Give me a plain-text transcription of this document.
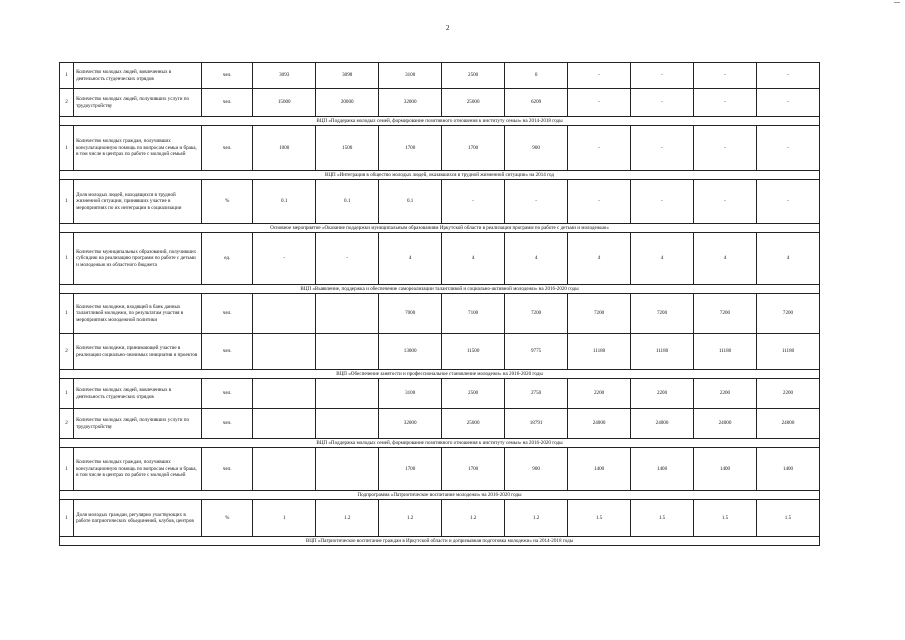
2
1	Количество молодых людей, вовлеченных в деятельность студенческих отрядов	чел.	3093	3098	3100	2500	0	-	-	-	-
2	Количество молодых людей, получивших услуги по трудоустройству	чел.	15000	20000	32000	25000	6209	-	-	-	-
ВЦП «Поддержка молодых семей, формирование позитивного отношения к институту семьи» на 2014-2018 годы											
1	Количество молодых граждан, получивших консультационную помощь по вопросам семьи и брака, в том числе в центрах по работе с молодой семьей	чел.	1000	1500	1700	1700	900	-	-	-	-
ВЦП «Интеграция в общество молодых людей, оказавшихся в трудной жизненной ситуации» на 2014 год											
1	Доля молодых людей, находящихся в трудной жизненной ситуации, принявших участие в мероприятиях по их интеграции в социализации	%	0.1	0.1	0.1	-	-	-	-	-	-
Основное мероприятие «Оказание поддержки муниципальным образованиям Иркутской области в реализации программ по работе с детьми и молодежью»											
1	Количество муниципальных образований, получивших субсидию на реализацию программ по работе с детьми и молодежью из областного бюджета	ед.	-	-	4	4	4	4	4	4	4
ВЦП «Выявление, поддержка и обеспечение самореализации талантливой и социально-активной молодежи» на 2016-2020 годы											
1	Количество молодежи, входящей в банк данных талантливой молодежи, по результатам участия в мероприятиях молодежной политики	чел.			7000	7100	7200	7200	7200	7200	7200
2	Количество молодежи, принимающей участие в реализации социально-значимых инициатив и проектов	чел.			13000	11500	9775	11180	11180	11180	11180
ВЦП «Обеспечение занятости и профессиональное становление молодежи» на 2016-2020 годы											
1	Количество молодых людей, вовлеченных в деятельность студенческих отрядов	чел.			3100	2500	2750	2200	2200	2200	2200
2	Количество молодых людей, получивших услуги по трудоустройству	чел.			32000	25000	18791	24000	24000	24000	24000
ВЦП «Поддержка молодых семей, формирование позитивного отношения к институту семьи» на 2016-2020 годы											
1	Количество молодых граждан, получивших консультационную помощь по вопросам семьи и брака, в том числе в центрах по работе с молодой семьей	чел.			1700	1700	900	1400	1400	1400	1400
Подпрограмма «Патриотическое воспитание молодежи» на 2016-2020 годы											
1	Доля молодых граждан, регулярно участвующих в работе патриотических объединений, клубов, центров	%	1	1.2	1.2	1.2	1.2	1.5	1.5	1.5	1.5
ВЦП «Патриотическое воспитание граждан в Иркутской области и допризывная подготовка молодежи» на 2014-2018 годы											
